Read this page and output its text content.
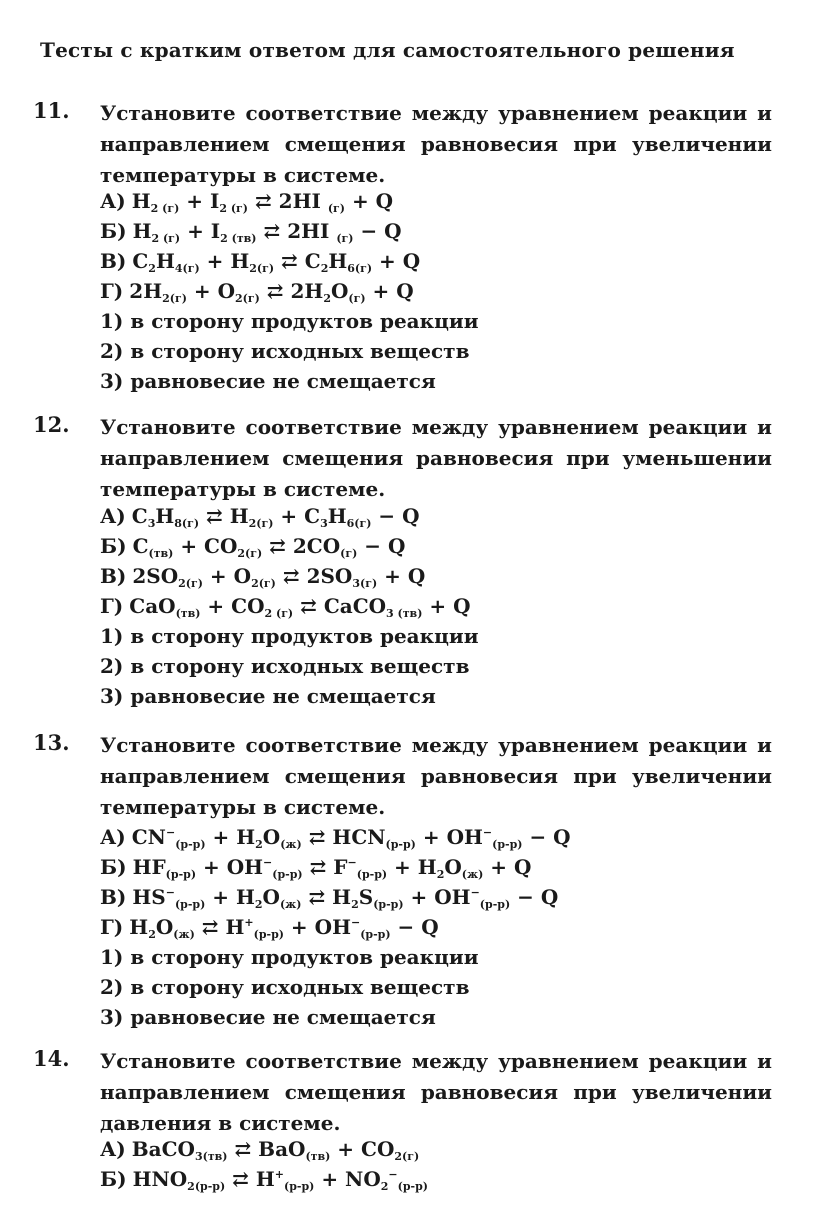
Тесты с кратким ответом для самостоятельного решения
11. Установите соответствие между уравнением реакции и
направлением смещения равновесия при увеличении
температуры в системе.
А) $H_{2 (г)} + I_{2 (г)}$ ⇄ 2HI $_{(г)}$ + Q
Б) $H_{2 (г)} + I_{2 (тв)}$ ⇄ 2HI $_{(г)}$ − Q
В) $C_2H_{4(г)} + H_{2(г)}$ ⇄ $C_2H_{6(г)} + Q$
Г) $2H_{2(г)} + O_{2(г)}$ ⇄ $2H_2O_{(г)} + Q$
1) в сторону продуктов реакции
2) в сторону исходных веществ
3) равновесие не смещается
12. Установите соответствие между уравнением реакции и
направлением смещения равновесия при уменьшении
температуры в системе.
А) $C_3H_{8(г)}$ ⇄ $H_{2(г)} + C_3H_{6(г)} - Q$
Б) $C_{(тв)} + CO_{2(г)}$ ⇄ $2CO_{(г)} - Q$
В) $2SO_{2(г)} + O_{2(г)}$ ⇄ $2SO_{3(г)} + Q$
Г) $CaO_{(тв)} + CO_{2 (г)}$ ⇄ CaCO$_{3 (тв)}$ + Q
1) в сторону продуктов реакции
2) в сторону исходных веществ
3) равновесие не смещается
13. Установите соответствие между уравнением реакции и
направлением смещения равновесия при увеличении
температуры в системе.
А) $CN^-_{(р-р)} + H_2O_{(ж)}$ ⇄ $HCN_{(р-р)} + OH^-_{(р-р)} - Q$
Б) $HF_{(р-р)} + OH^-_{(р-р)}$ ⇄ $F^-_{(р-р)} + H_2O_{(ж)} + Q$
В) $HS^-_{(р-р)} + H_2O_{(ж)}$ ⇄ $H_2S_{(р-р)} + OH^-_{(р-р)} - Q$
Г) $H_2O_{(ж)}$ ⇄ $H^+_{(р-р)} + OH^-_{(р-р)} - Q$
1) в сторону продуктов реакции
2) в сторону исходных веществ
3) равновесие не смещается
14. Установите соответствие между уравнением реакции и
направлением смещения равновесия при увеличении
давления в системе.
А) BaCO$_{3(тв)}$ ⇄ $BaO_{(тв)} + CO_{2(г)}$
Б) $HNO_{2(р-р)}$ ⇄ $H^+_{(р-р)} + NO_2^-_{(р-р)}$
